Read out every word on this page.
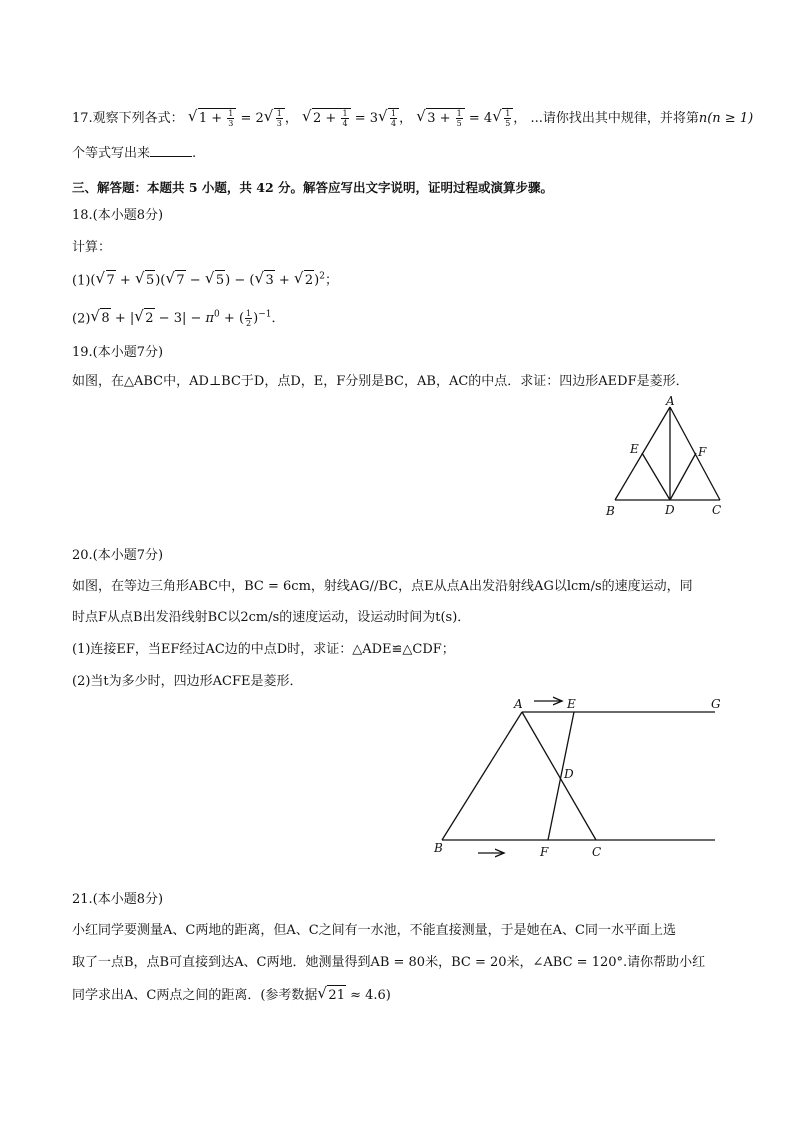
17.观察下列各式： √ $1 + \frac{1}{3} = 2$ √ $\frac{1}{3}$ ， √ $2 + \frac{1}{4} = 3$ √ $\frac{1}{4}$ ， √ $3 + \frac{1}{5} = 4$ √ $\frac{1}{5}$ ， ...请你找出其中规律，并将第n(n ≥ 1)
个等式写出来	.
三、解答题：本题共 5 小题，共 42 分。解答应写出文字说明，证明过程或演算步骤。
18.(本小题8分)
计算：
(1)( √ 7 + √ 5)( √ 7 − √ 5) − ( √ 3 + √ 2)$^2$；
(2) √ 8 + | √ $2 - 3| - \pi^0$ + ( $\frac{1}{2} )^{-1}$．
19.(本小题7分)
如图，在△ABC中，AD⊥BC于D，点D，E，F分别是BC，AB，AC的中点．求证：四边形AEDF是菱形．
A
E	F
B	D	C
20.(本小题7分)
如图，在等边三角形ABC中，BC = 6cm，射线AG//BC，点E从点A出发沿射线AG以lcm/s的速度运动，同
时点F从点B出发沿线射BC以2cm/s的速度运动，设运动时间为t(s)．
(1)连接EF，当EF经过AC边的中点D时，求证：△ADE≌△CDF；
(2)当t为多少时，四边形ACFE是菱形．
A	E	G
D
B	F	C
21.(本小题8分)
小红同学要测量A、C两地的距离，但A、C之间有一水池，不能直接测量，于是她在A、C同一水平面上选
取了一点B，点B可直接到达A、C两地．她测量得到AB = 80米，BC = 20米，∠ABC = 120°.请你帮助小红
同学求出A、C两点之间的距离．(参考数据 √ 21 ≈ 4.6)
